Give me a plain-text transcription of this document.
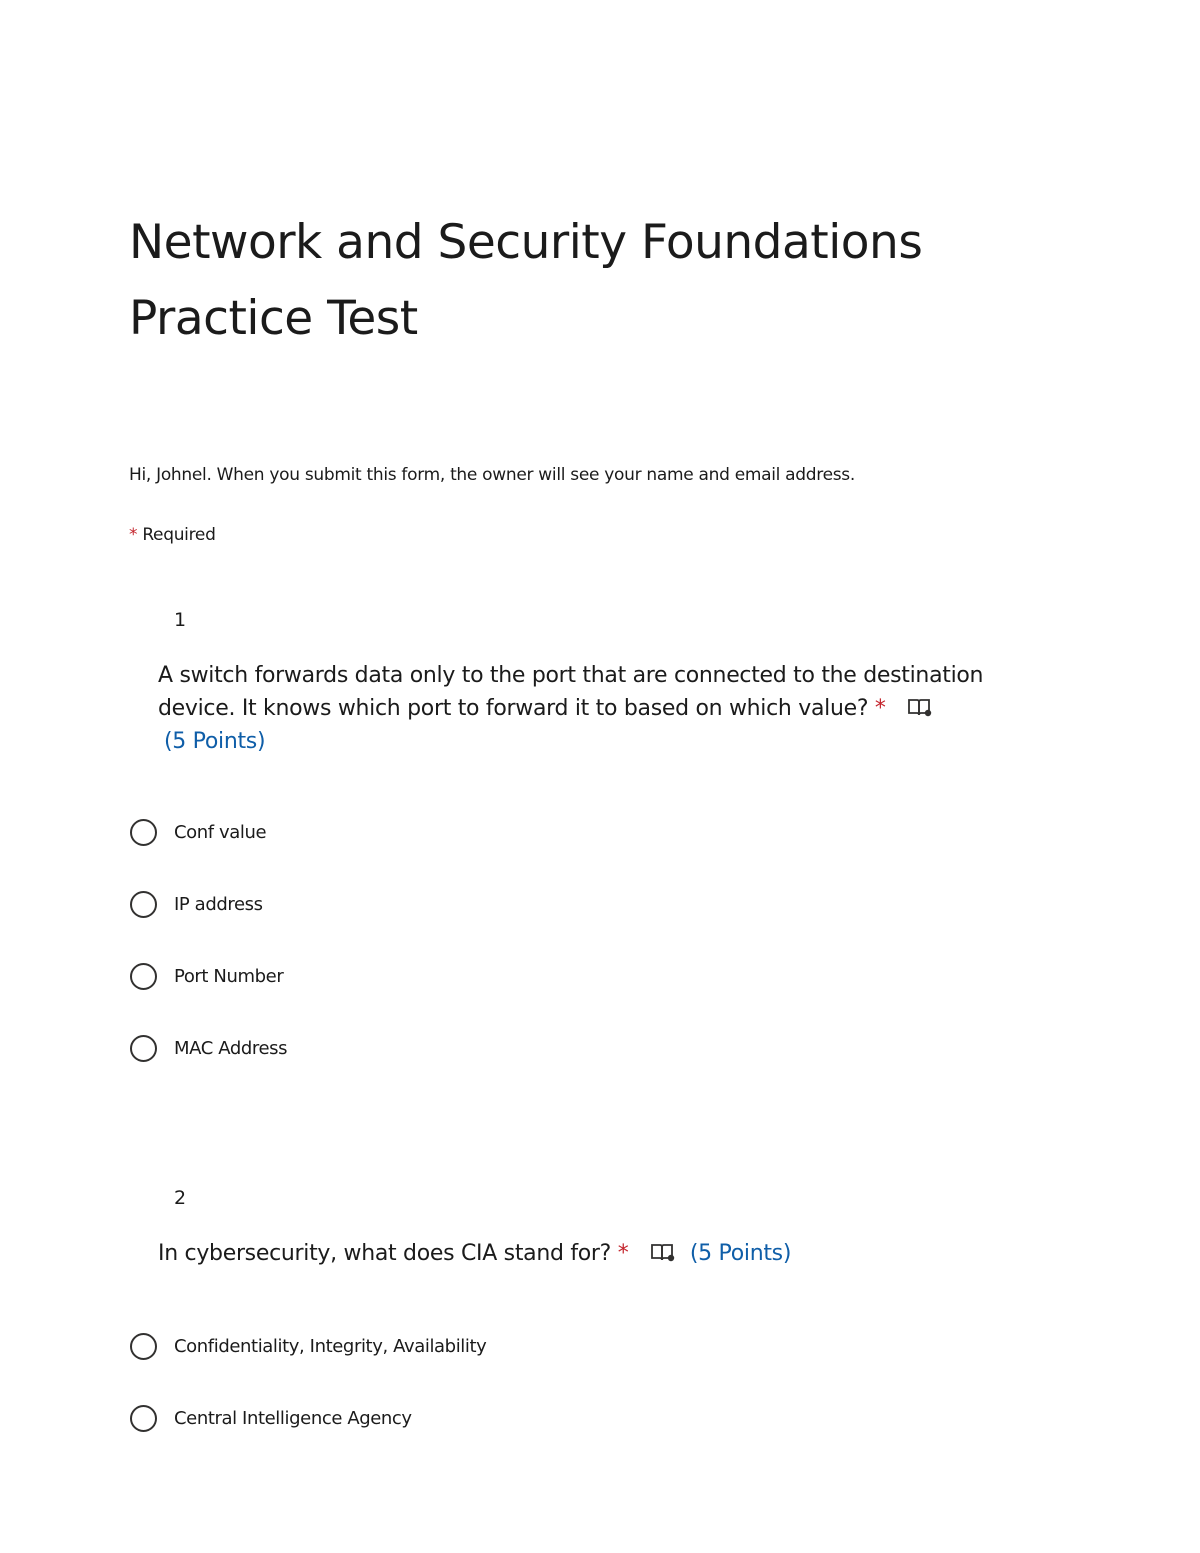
Network and Security Foundations Practice Test
Hi, Johnel. When you submit this form, the owner will see your name and email address.
* Required
1
A switch forwards data only to the port that are connected to the destination device. It knows which port to forward it to based on which value? *
(5 Points)
Conf value
IP address
Port Number
MAC Address
2
In cybersecurity, what does CIA stand for? *	(5 Points)
Confidentiality, Integrity, Availability
Central Intelligence Agency
